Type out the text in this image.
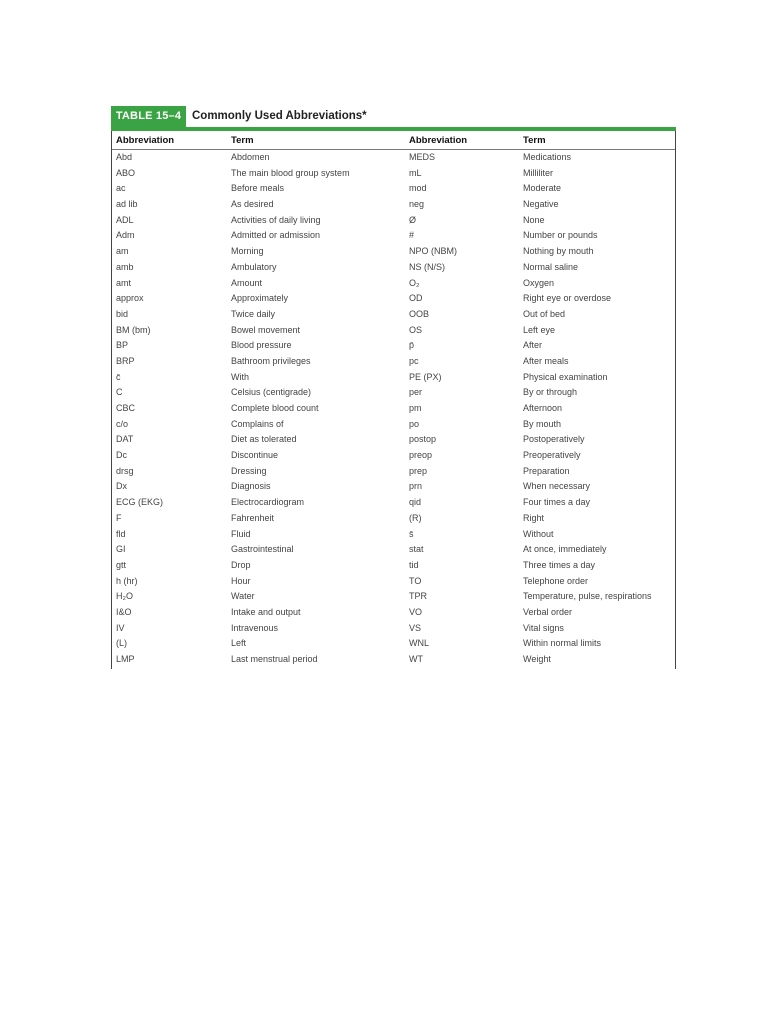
TABLE 15–4 Commonly Used Abbreviations*
Abbreviation	Term	Abbreviation	Term
Abd	Abdomen	MEDS	Medications
ABO	The main blood group system	mL	Milliliter
ac	Before meals	mod	Moderate
ad lib	As desired	neg	Negative
ADL	Activities of daily living	Ø	None
Adm	Admitted or admission	#	Number or pounds
am	Morning	NPO (NBM)	Nothing by mouth
amb	Ambulatory	NS (N/S)	Normal saline
amt	Amount	O₂	Oxygen
approx	Approximately	OD	Right eye or overdose
bid	Twice daily	OOB	Out of bed
BM (bm)	Bowel movement	OS	Left eye
BP	Blood pressure	p̄	After
BRP	Bathroom privileges	pc	After meals
c̄	With	PE (PX)	Physical examination
C	Celsius (centigrade)	per	By or through
CBC	Complete blood count	pm	Afternoon
c/o	Complains of	po	By mouth
DAT	Diet as tolerated	postop	Postoperatively
Dc	Discontinue	preop	Preoperatively
drsg	Dressing	prep	Preparation
Dx	Diagnosis	prn	When necessary
ECG (EKG)	Electrocardiogram	qid	Four times a day
F	Fahrenheit	(R)	Right
fld	Fluid	s̄	Without
GI	Gastrointestinal	stat	At once, immediately
gtt	Drop	tid	Three times a day
h (hr)	Hour	TO	Telephone order
H₂O	Water	TPR	Temperature, pulse, respirations
I&O	Intake and output	VO	Verbal order
IV	Intravenous	VS	Vital signs
(L)	Left	WNL	Within normal limits
LMP	Last menstrual period	WT	Weight
